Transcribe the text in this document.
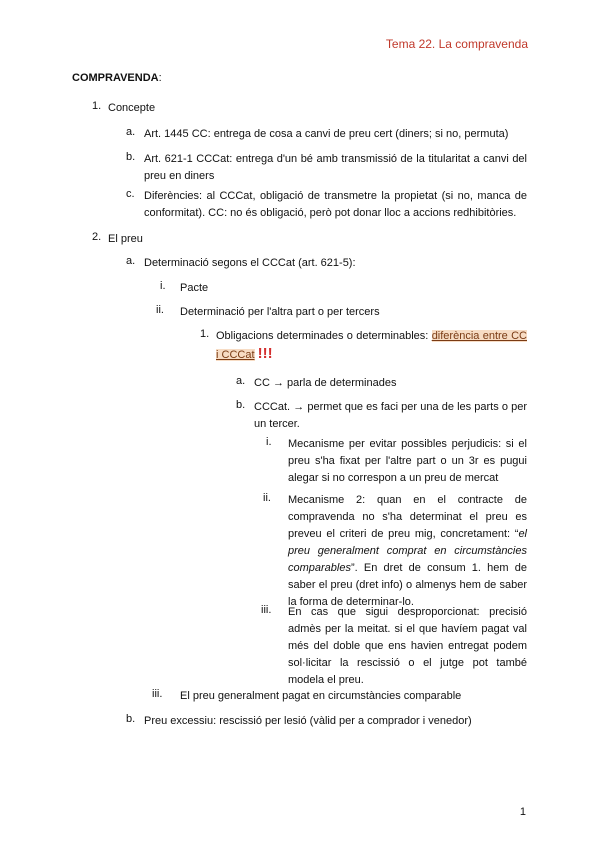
Tema 22. La compravenda
COMPRAVENDA:
1. Concepte
a. Art. 1445 CC: entrega de cosa a canvi de preu cert (diners; si no, permuta)
b. Art. 621-1 CCCat: entrega d'un bé amb transmissió de la titularitat a canvi del preu en diners
c. Diferències: al CCCat, obligació de transmetre la propietat (si no, manca de conformitat). CC: no és obligació, però pot donar lloc a accions redhibitòries.
2. El preu
a. Determinació segons el CCCat (art. 621-5):
i. Pacte
ii. Determinació per l'altra part o per tercers
1. Obligacions determinades o determinables: diferència entre CC i CCCat !!!
a. CC → parla de determinades
b. CCCat. → permet que es faci per una de les parts o per un tercer.
i. Mecanisme per evitar possibles perjudicis: si el preu s'ha fixat per l'altre part o un 3r es pugui alegar si no correspon a un preu de mercat
ii. Mecanisme 2: quan en el contracte de compravenda no s'ha determinat el preu es preveu el criteri de preu mig, concretament: “el preu generalment comprat en circumstàncies comparables”. En dret de consum 1. hem de saber el preu (dret info) o almenys hem de saber la forma de determinar-lo.
iii. En cas que sigui desproporcionat: precisió admès per la meitat. si el que havíem pagat val més del doble que ens havien entregat podem sol·licitar la rescissió o el jutge pot també modela el preu.
iii. El preu generalment pagat en circumstàncies comparable
b. Preu excessiu: rescissió per lesió (vàlid per a comprador i venedor)
1
